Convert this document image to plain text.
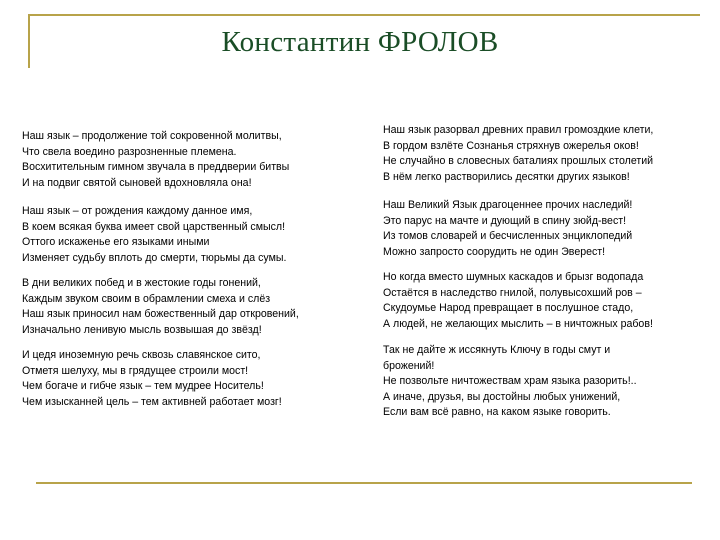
Константин ФРОЛОВ
Наш язык – продолжение той сокровенной молитвы,
Что свела воедино разрозненные племена.
Восхитительным гимном звучала в преддверии битвы
И на подвиг святой сыновей вдохновляла она!
Наш язык – от рождения каждому данное имя,
В коем всякая буква имеет свой царственный смысл!
Оттого искаженье его языками иными
Изменяет судьбу вплоть до смерти, тюрьмы да сумы.
В дни великих побед и в жестокие годы гонений,
Каждым звуком своим в обрамлении смеха и слёз
Наш язык приносил нам божественный дар откровений,
Изначально ленивую мысль возвышая до звёзд!
И цедя иноземную речь сквозь славянское сито,
Отметя шелуху, мы в грядущее строили мост!
Чем богаче и гибче язык – тем мудрее Носитель!
Чем изысканней цель – тем активней работает мозг!
Наш язык разорвал древних правил громоздкие клети,
В гордом взлёте Сознанья стряхнув ожерелья оков!
Не случайно в словесных баталиях прошлых столетий
В нём легко растворились десятки других языков!
Наш Великий Язык драгоценнее прочих наследий!
Это парус на мачте и дующий в спину зюйд-вест!
Из томов словарей и бесчисленных энциклопедий
Можно запросто соорудить не один Эверест!
Но когда вместо шумных каскадов и брызг водопада
Остаётся в наследство гнилой, полувысохший ров –
Скудоумье Народ превращает в послушное стадо,
А людей, не желающих мыслить – в ничтожных рабов!
Так не дайте ж иссякнуть Ключу в годы смут и
брожений!
Не позвольте ничтожествам храм языка разорить!..
А иначе, друзья, вы достойны любых унижений,
Если вам всё равно, на каком языке говорить.
